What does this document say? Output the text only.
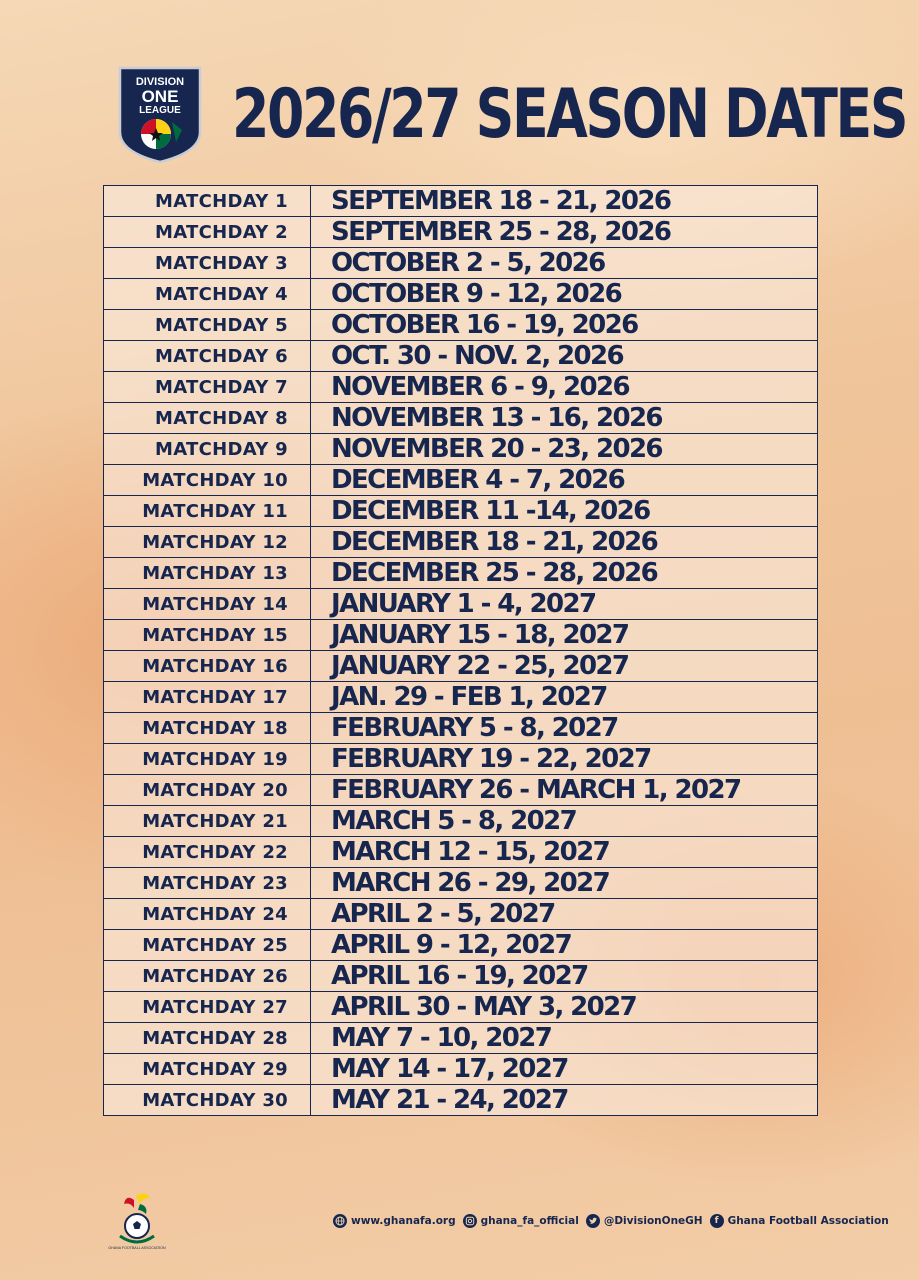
DIVISION
ONE
LEAGUE 2026/27 SEASON DATES
MATCHDAY 1	SEPTEMBER 18 - 21, 2026
MATCHDAY 2	SEPTEMBER 25 - 28, 2026
MATCHDAY 3	OCTOBER 2 - 5, 2026
MATCHDAY 4	OCTOBER 9 - 12, 2026
MATCHDAY 5	OCTOBER 16 - 19, 2026
MATCHDAY 6	OCT. 30 - NOV. 2, 2026
MATCHDAY 7	NOVEMBER 6 - 9, 2026
MATCHDAY 8	NOVEMBER 13 - 16, 2026
MATCHDAY 9	NOVEMBER 20 - 23, 2026
MATCHDAY 10	DECEMBER 4 - 7, 2026
MATCHDAY 11	DECEMBER 11 -14, 2026
MATCHDAY 12	DECEMBER 18 - 21, 2026
MATCHDAY 13	DECEMBER 25 - 28, 2026
MATCHDAY 14	JANUARY 1 - 4, 2027
MATCHDAY 15	JANUARY 15 - 18, 2027
MATCHDAY 16	JANUARY 22 - 25, 2027
MATCHDAY 17	JAN. 29 - FEB 1, 2027
MATCHDAY 18	FEBRUARY 5 - 8, 2027
MATCHDAY 19	FEBRUARY 19 - 22, 2027
MATCHDAY 20	FEBRUARY 26 - MARCH 1, 2027
MATCHDAY 21	MARCH 5 - 8, 2027
MATCHDAY 22	MARCH 12 - 15, 2027
MATCHDAY 23	MARCH 26 - 29, 2027
MATCHDAY 24	APRIL 2 - 5, 2027
MATCHDAY 25	APRIL 9 - 12, 2027
MATCHDAY 26	APRIL 16 - 19, 2027
MATCHDAY 27	APRIL 30 - MAY 3, 2027
MATCHDAY 28	MAY 7 - 10, 2027
MATCHDAY 29	MAY 14 - 17, 2027
MATCHDAY 30	MAY 21 - 24, 2027
GHANA FOOTBALL ASSOCIATION
www.ghanafa.org ghana_fa_official @DivisionOneGH	f Ghana Football Association
